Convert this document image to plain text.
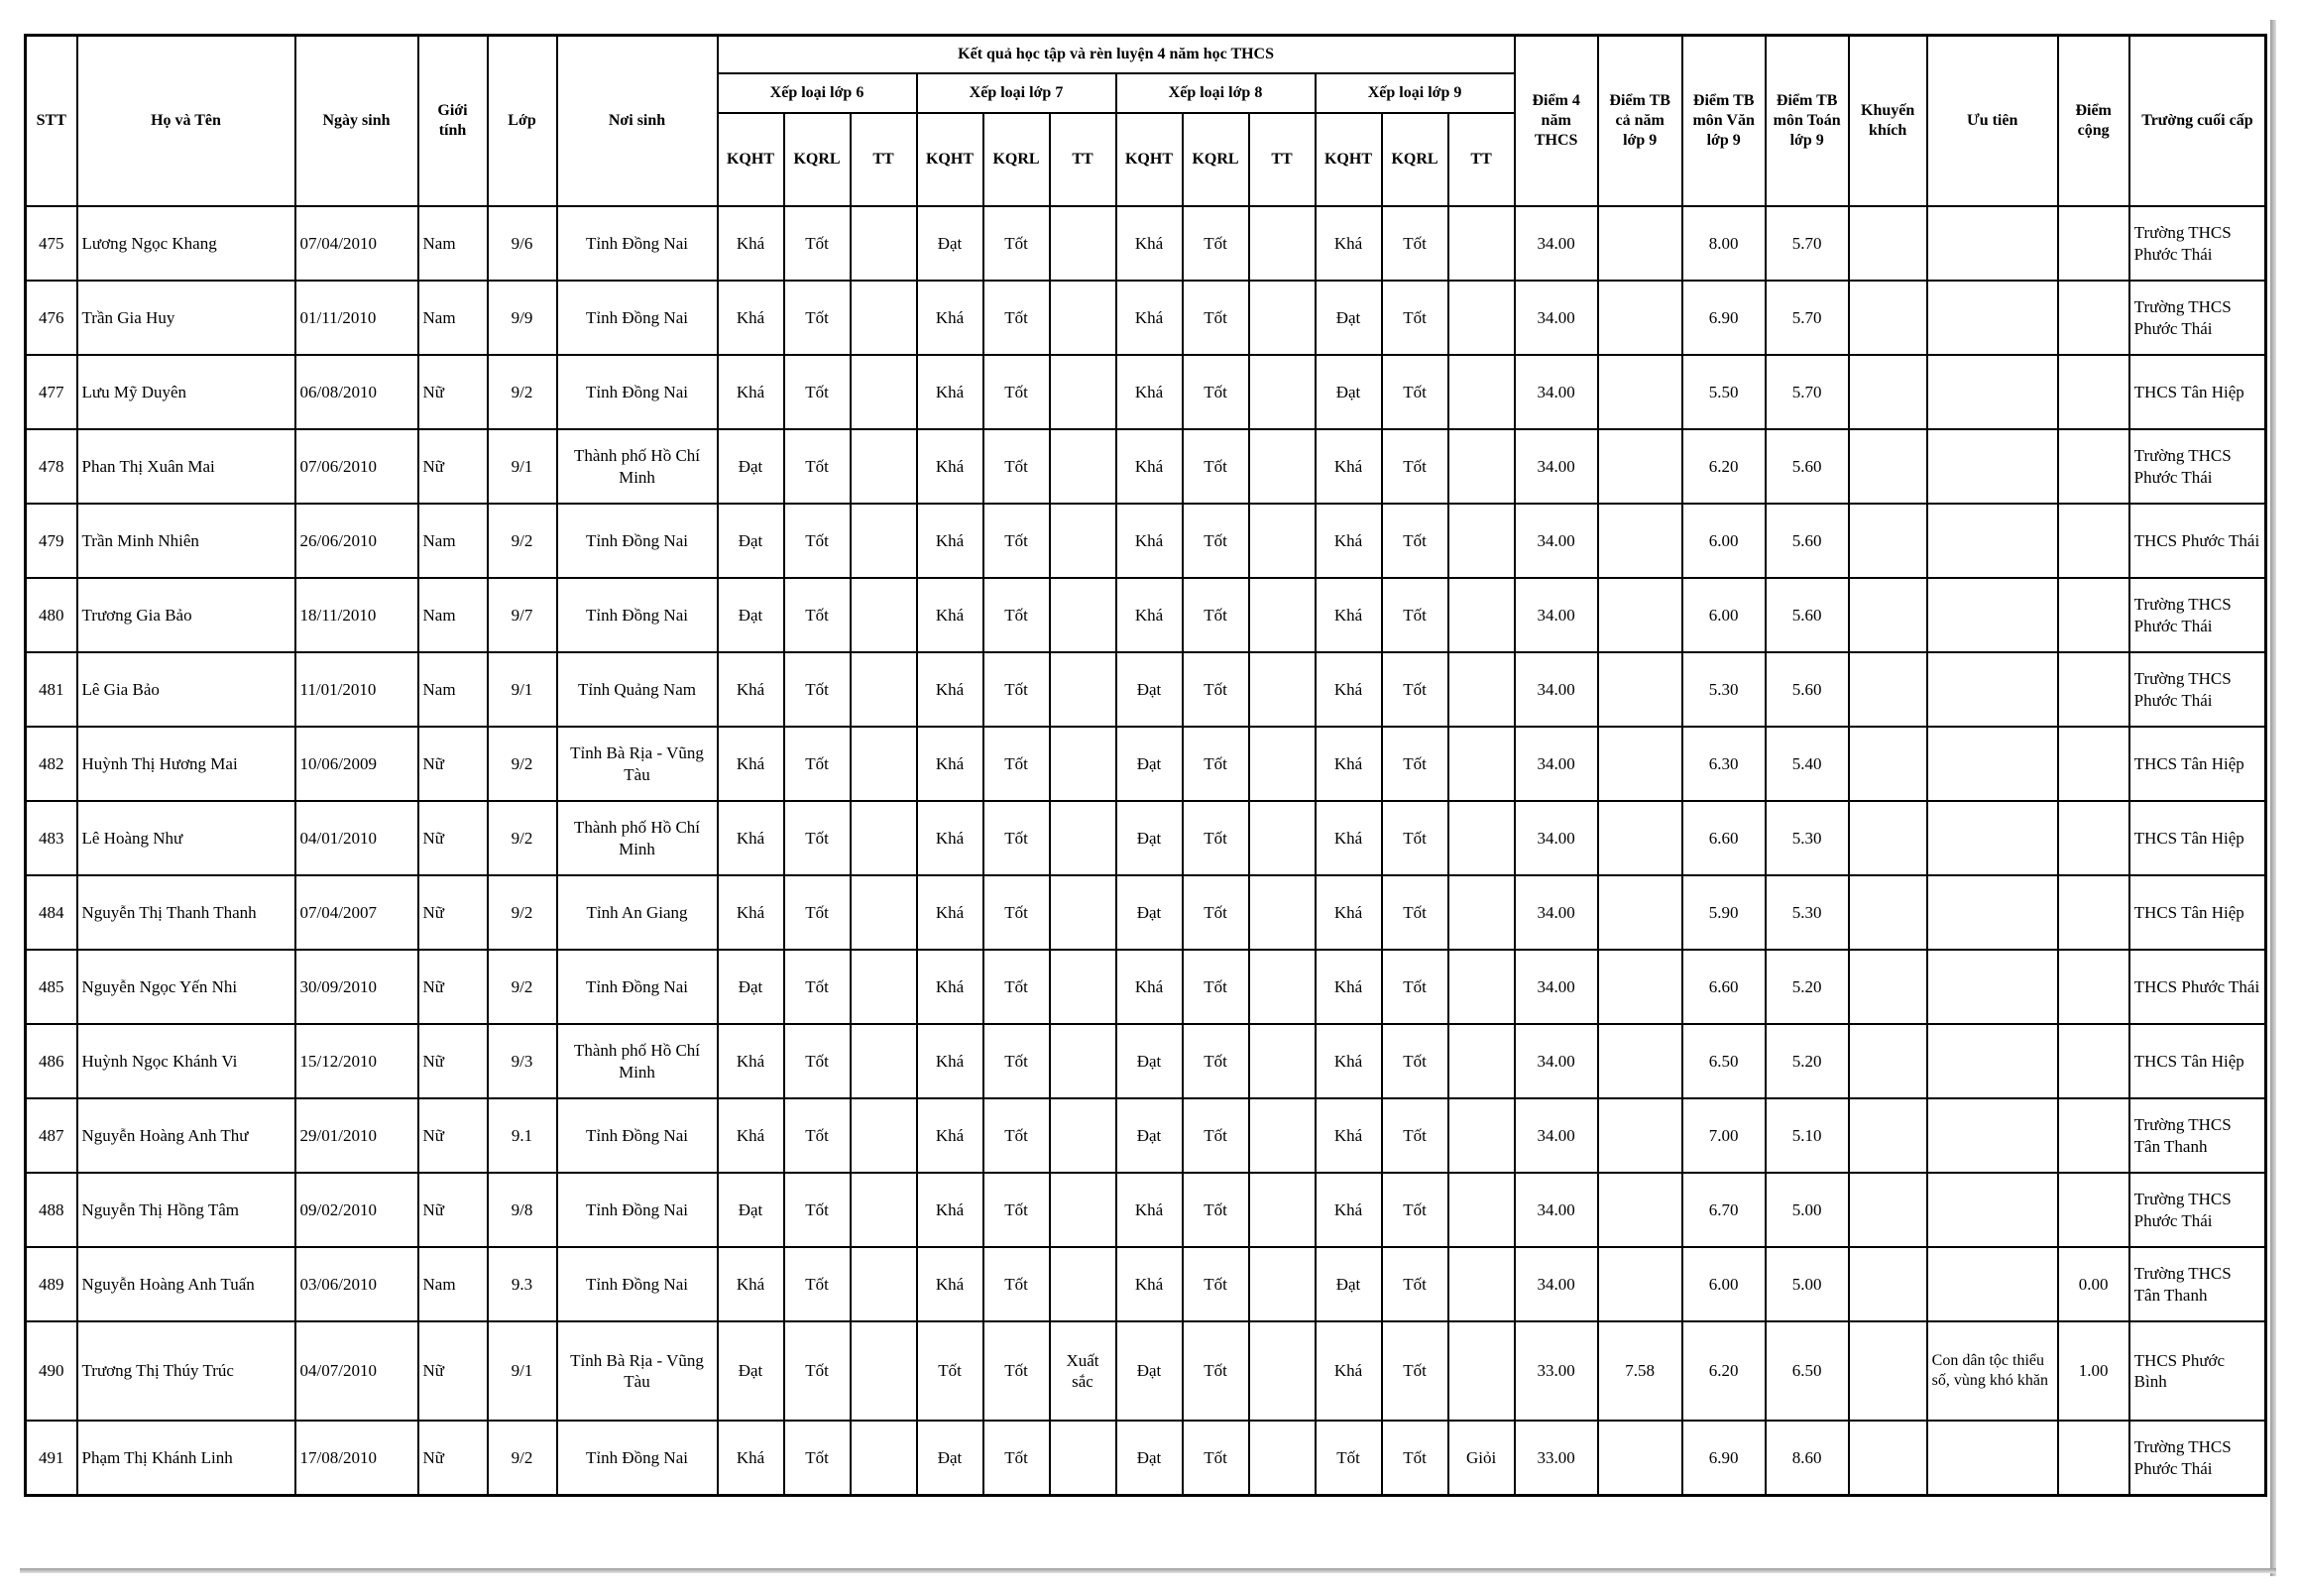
STT	Họ và Tên	Ngày sinh	Giới tính	Lớp	Nơi sinh	Kết quả học tập và rèn luyện 4 năm học THCS												Điểm 4 năm THCS	Điểm TB cả năm lớp 9	Điểm TB môn Văn lớp 9	Điểm TB môn Toán lớp 9	Khuyến khích	Ưu tiên	Điểm cộng	Trường cuối cấp
						Xếp loại lớp 6			Xếp loại lớp 7			Xếp loại lớp 8			Xếp loại lớp 9										
						KQHT	KQRL	TT	KQHT	KQRL	TT	KQHT	KQRL	TT	KQHT	KQRL	TT								
475	Lương Ngọc Khang	07/04/2010	Nam	9/6	Tỉnh Đồng Nai	Khá	Tốt		Đạt	Tốt		Khá	Tốt		Khá	Tốt		34.00		8.00	5.70				Trường THCS Phước Thái
476	Trần Gia Huy	01/11/2010	Nam	9/9	Tỉnh Đồng Nai	Khá	Tốt		Khá	Tốt		Khá	Tốt		Đạt	Tốt		34.00		6.90	5.70				Trường THCS Phước Thái
477	Lưu Mỹ Duyên	06/08/2010	Nữ	9/2	Tỉnh Đồng Nai	Khá	Tốt		Khá	Tốt		Khá	Tốt		Đạt	Tốt		34.00		5.50	5.70				THCS Tân Hiệp
478	Phan Thị Xuân Mai	07/06/2010	Nữ	9/1	Thành phố Hồ Chí Minh	Đạt	Tốt		Khá	Tốt		Khá	Tốt		Khá	Tốt		34.00		6.20	5.60				Trường THCS Phước Thái
479	Trần Minh Nhiên	26/06/2010	Nam	9/2	Tỉnh Đồng Nai	Đạt	Tốt		Khá	Tốt		Khá	Tốt		Khá	Tốt		34.00		6.00	5.60				THCS Phước Thái
480	Trương Gia Bảo	18/11/2010	Nam	9/7	Tỉnh Đồng Nai	Đạt	Tốt		Khá	Tốt		Khá	Tốt		Khá	Tốt		34.00		6.00	5.60				Trường THCS Phước Thái
481	Lê Gia Bảo	11/01/2010	Nam	9/1	Tỉnh Quảng Nam	Khá	Tốt		Khá	Tốt		Đạt	Tốt		Khá	Tốt		34.00		5.30	5.60				Trường THCS Phước Thái
482	Huỳnh Thị Hương Mai	10/06/2009	Nữ	9/2	Tỉnh Bà Rịa - Vũng Tàu	Khá	Tốt		Khá	Tốt		Đạt	Tốt		Khá	Tốt		34.00		6.30	5.40				THCS Tân Hiệp
483	Lê Hoàng Như	04/01/2010	Nữ	9/2	Thành phố Hồ Chí Minh	Khá	Tốt		Khá	Tốt		Đạt	Tốt		Khá	Tốt		34.00		6.60	5.30				THCS Tân Hiệp
484	Nguyễn Thị Thanh Thanh	07/04/2007	Nữ	9/2	Tỉnh An Giang	Khá	Tốt		Khá	Tốt		Đạt	Tốt		Khá	Tốt		34.00		5.90	5.30				THCS Tân Hiệp
485	Nguyễn Ngọc Yến Nhi	30/09/2010	Nữ	9/2	Tỉnh Đồng Nai	Đạt	Tốt		Khá	Tốt		Khá	Tốt		Khá	Tốt		34.00		6.60	5.20				THCS Phước Thái
486	Huỳnh Ngọc Khánh Vi	15/12/2010	Nữ	9/3	Thành phố Hồ Chí Minh	Khá	Tốt		Khá	Tốt		Đạt	Tốt		Khá	Tốt		34.00		6.50	5.20				THCS Tân Hiệp
487	Nguyễn Hoàng Anh Thư	29/01/2010	Nữ	9.1	Tỉnh Đồng Nai	Khá	Tốt		Khá	Tốt		Đạt	Tốt		Khá	Tốt		34.00		7.00	5.10				Trường THCS Tân Thanh
488	Nguyễn Thị Hồng Tâm	09/02/2010	Nữ	9/8	Tỉnh Đồng Nai	Đạt	Tốt		Khá	Tốt		Khá	Tốt		Khá	Tốt		34.00		6.70	5.00				Trường THCS Phước Thái
489	Nguyễn Hoàng Anh Tuấn	03/06/2010	Nam	9.3	Tỉnh Đồng Nai	Khá	Tốt		Khá	Tốt		Khá	Tốt		Đạt	Tốt		34.00		6.00	5.00			0.00	Trường THCS Tân Thanh
490	Trương Thị Thúy Trúc	04/07/2010	Nữ	9/1	Tỉnh Bà Rịa - Vũng Tàu	Đạt	Tốt		Tốt	Tốt	Xuất sắc	Đạt	Tốt		Khá	Tốt		33.00	7.58	6.20	6.50		Con dân tộc thiểu số, vùng khó khăn	1.00	THCS Phước Bình
491	Phạm Thị Khánh Linh	17/08/2010	Nữ	9/2	Tỉnh Đồng Nai	Khá	Tốt		Đạt	Tốt		Đạt	Tốt		Tốt	Tốt	Giỏi	33.00		6.90	8.60				Trường THCS Phước Thái
